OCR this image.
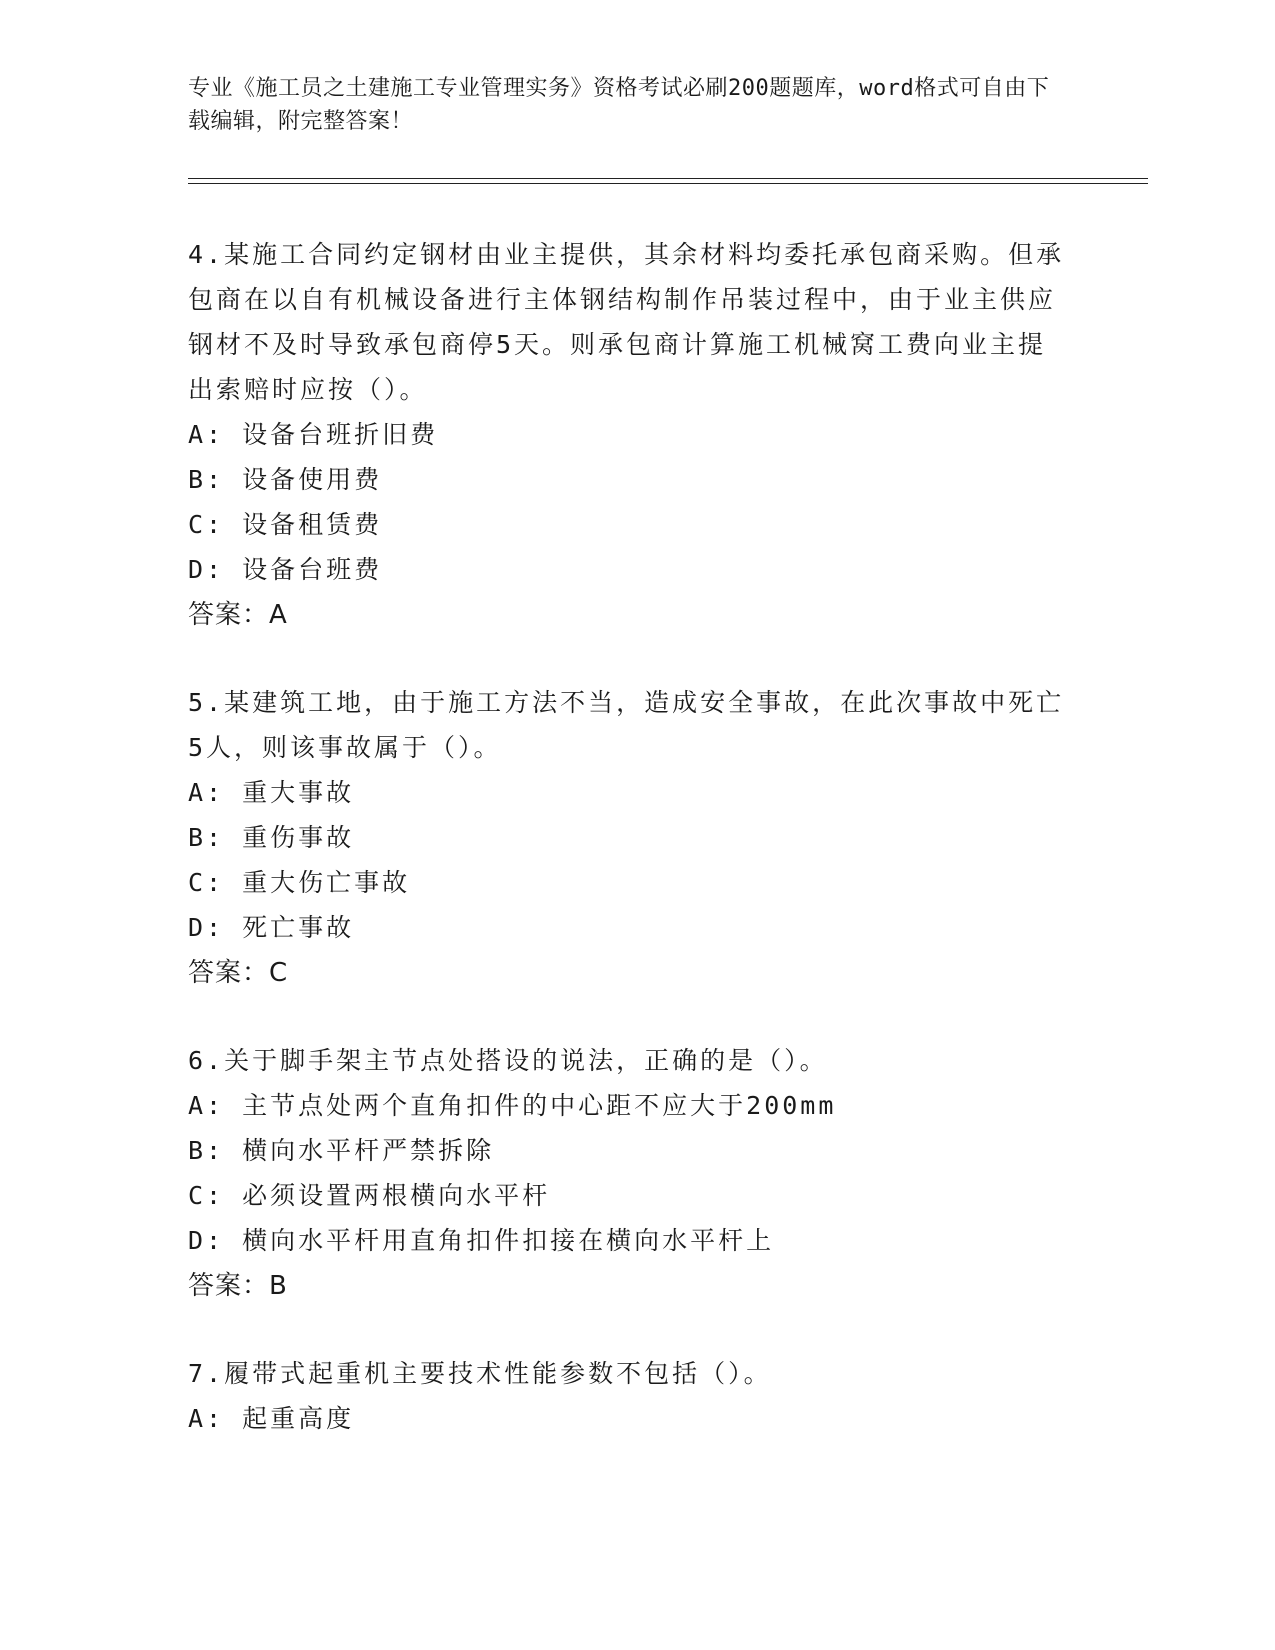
专业《施工员之土建施工专业管理实务》资格考试必刷200题题库，word格式可自由下载编辑，附完整答案！

4.某施工合同约定钢材由业主提供，其余材料均委托承包商采购。但承包商在以自有机械设备进行主体钢结构制作吊装过程中，由于业主供应钢材不及时导致承包商停5天。则承包商计算施工机械窝工费向业主提出索赔时应按（）。

A: 设备台班折旧费

B: 设备使用费

C: 设备租赁费

D: 设备台班费

答案：A

5.某建筑工地，由于施工方法不当，造成安全事故，在此次事故中死亡5人，则该事故属于（）。

A: 重大事故

B: 重伤事故

C: 重大伤亡事故

D: 死亡事故

答案：C

6.关于脚手架主节点处搭设的说法，正确的是（）。

A: 主节点处两个直角扣件的中心距不应大于200mm

B: 横向水平杆严禁拆除

C: 必须设置两根横向水平杆

D: 横向水平杆用直角扣件扣接在横向水平杆上

答案：B

7.履带式起重机主要技术性能参数不包括（）。

A: 起重高度
